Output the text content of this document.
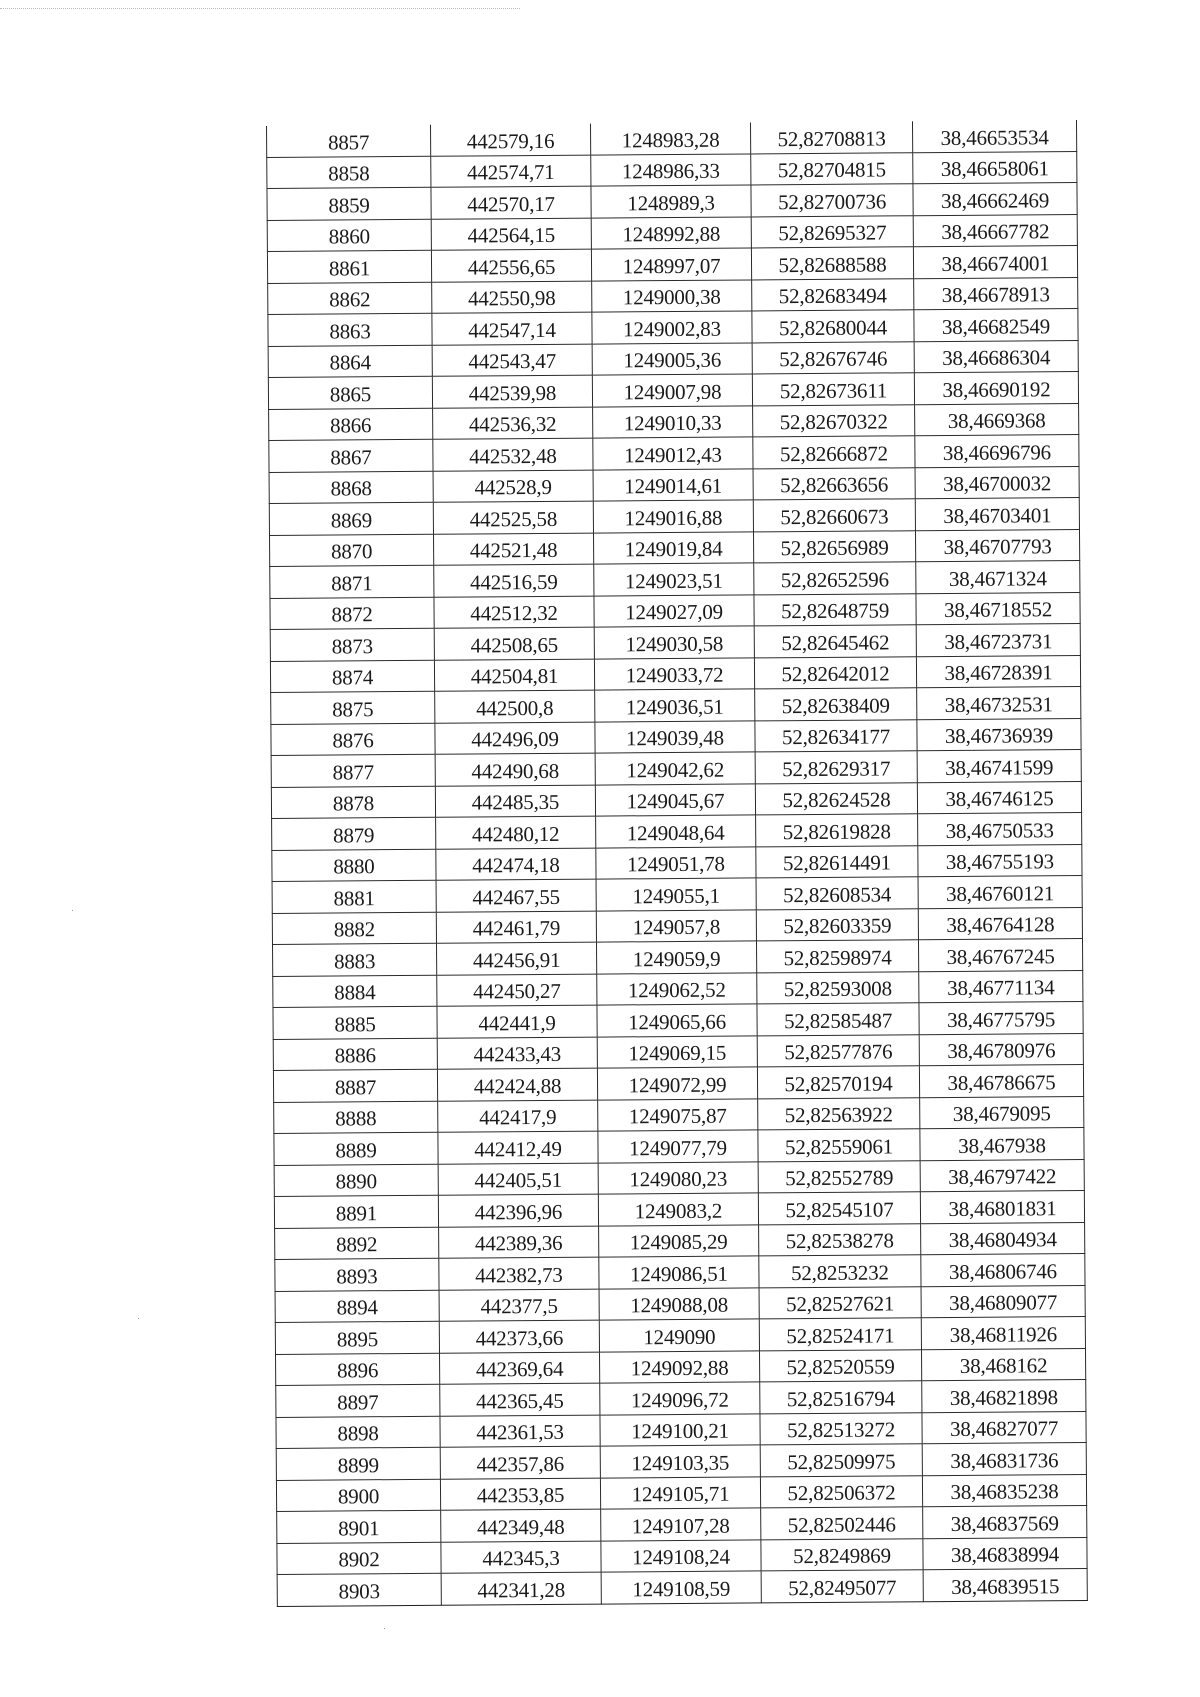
8857	442579,16	1248983,28	52,82708813	38,46653534
8858	442574,71	1248986,33	52,82704815	38,46658061
8859	442570,17	1248989,3	52,82700736	38,46662469
8860	442564,15	1248992,88	52,82695327	38,46667782
8861	442556,65	1248997,07	52,82688588	38,46674001
8862	442550,98	1249000,38	52,82683494	38,46678913
8863	442547,14	1249002,83	52,82680044	38,46682549
8864	442543,47	1249005,36	52,82676746	38,46686304
8865	442539,98	1249007,98	52,82673611	38,46690192
8866	442536,32	1249010,33	52,82670322	38,4669368
8867	442532,48	1249012,43	52,82666872	38,46696796
8868	442528,9	1249014,61	52,82663656	38,46700032
8869	442525,58	1249016,88	52,82660673	38,46703401
8870	442521,48	1249019,84	52,82656989	38,46707793
8871	442516,59	1249023,51	52,82652596	38,4671324
8872	442512,32	1249027,09	52,82648759	38,46718552
8873	442508,65	1249030,58	52,82645462	38,46723731
8874	442504,81	1249033,72	52,82642012	38,46728391
8875	442500,8	1249036,51	52,82638409	38,46732531
8876	442496,09	1249039,48	52,82634177	38,46736939
8877	442490,68	1249042,62	52,82629317	38,46741599
8878	442485,35	1249045,67	52,82624528	38,46746125
8879	442480,12	1249048,64	52,82619828	38,46750533
8880	442474,18	1249051,78	52,82614491	38,46755193
8881	442467,55	1249055,1	52,82608534	38,46760121
8882	442461,79	1249057,8	52,82603359	38,46764128
8883	442456,91	1249059,9	52,82598974	38,46767245
8884	442450,27	1249062,52	52,82593008	38,46771134
8885	442441,9	1249065,66	52,82585487	38,46775795
8886	442433,43	1249069,15	52,82577876	38,46780976
8887	442424,88	1249072,99	52,82570194	38,46786675
8888	442417,9	1249075,87	52,82563922	38,4679095
8889	442412,49	1249077,79	52,82559061	38,467938
8890	442405,51	1249080,23	52,82552789	38,46797422
8891	442396,96	1249083,2	52,82545107	38,46801831
8892	442389,36	1249085,29	52,82538278	38,46804934
8893	442382,73	1249086,51	52,8253232	38,46806746
8894	442377,5	1249088,08	52,82527621	38,46809077
8895	442373,66	1249090	52,82524171	38,46811926
8896	442369,64	1249092,88	52,82520559	38,468162
8897	442365,45	1249096,72	52,82516794	38,46821898
8898	442361,53	1249100,21	52,82513272	38,46827077
8899	442357,86	1249103,35	52,82509975	38,46831736
8900	442353,85	1249105,71	52,82506372	38,46835238
8901	442349,48	1249107,28	52,82502446	38,46837569
8902	442345,3	1249108,24	52,8249869	38,46838994
8903	442341,28	1249108,59	52,82495077	38,46839515
